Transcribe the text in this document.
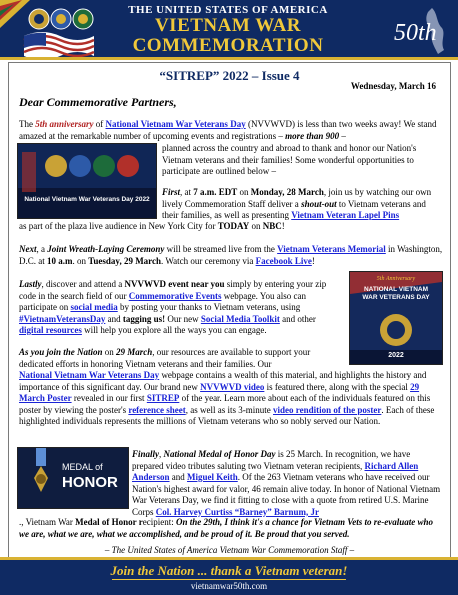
THE UNITED STATES OF AMERICA
VIETNAM WAR
COMMEMORATION	50th
“SITREP” 2022 – Issue 4
Wednesday, March 16
Dear Commemorative Partners,

The 5th anniversary of National Vietnam War Veterans Day (NVVWVD) is less than two weeks away! We stand amazed at the remarkable number of upcoming events and registrations – more than 900 –

National Vietnam War Veterans Day 2022

planned across the country and abroad to thank and honor our Nation's Vietnam veterans and their families! Some wonderful opportunities to participate are outlined below –

First, at 7 a.m. EDT on Monday, 28 March, join us by watching our own lively Commemoration Staff deliver a shout-out to Vietnam veterans and their families, as well as presenting Vietnam Veteran Lapel Pins

as part of the plaza live audience in New York City for TODAY on NBC!

Next, a Joint Wreath-Laying Ceremony will be streamed live from the Vietnam Veterans Memorial in Washington, D.C. at 10 a.m. on Tuesday, 29 March. Watch our ceremony via Facebook Live!

Lastly, discover and attend a NVVWVD event near you simply by entering your zip code in the search field of our Commemorative Events webpage. You also can participate on social media by posting your thanks to Vietnam veterans, using #VietnamVeteransDay and tagging us! Our new Social Media Toolkit and other digital resources will help you explore all the ways you can engage.

5th Anniversary
NATIONAL VIETNAM WAR VETERANS DAY
2022

As you join the Nation on 29 March, our resources are available to support your dedicated efforts in honoring Vietnam veterans and their families. Our

National Vietnam War Veterans Day webpage contains a wealth of this material, and highlights the history and importance of this significant day. Our brand new NVVWVD video is featured there, along with the special 29 March Poster revealed in our first SITREP of the year. Learn more about each of the individuals featured on this poster by viewing the poster's reference sheet, as well as its 3-minute video rendition of the poster. Each of these highlighted individuals represents the millions of Vietnam veterans who so nobly served our Nation.

MEDAL of
HONOR

Finally, National Medal of Honor Day is 25 March. In recognition, we have prepared video tributes saluting two Vietnam veteran recipients, Richard Allen Anderson and Miguel Keith. Of the 263 Vietnam veterans who have received our Nation's highest award for valor, 46 remain alive today. In honor of National Vietnam War Veterans Day, we find it fitting to close with a quote from retired U.S. Marine Corps Col. Harvey Curtiss “Barney” Barnum, Jr

., Vietnam War Medal of Honor recipient: On the 29th, I think it's a chance for Vietnam Vets to re-evaluate who we are, what we are, what we accomplished, and be proud of it. Be proud that you served.

– The United States of America Vietnam War Commemoration Staff –
Join the Nation ... thank a Vietnam veteran!
vietnamwar50th.com
